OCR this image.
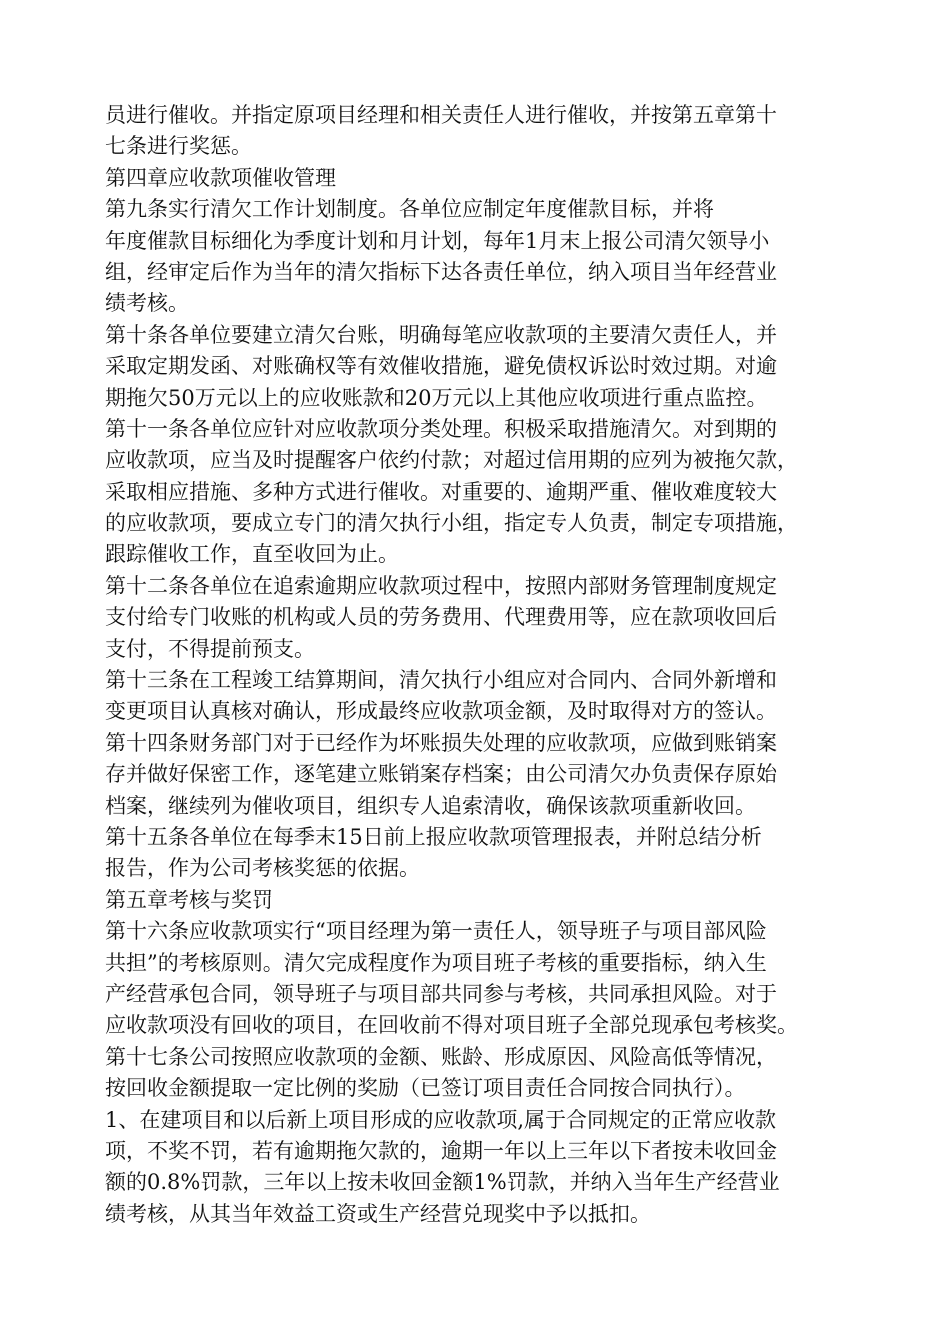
员进行催收。并指定原项目经理和相关责任人进行催收，并按第五章第十
七条进行奖惩。
第四章应收款项催收管理
第九条实行清欠工作计划制度。各单位应制定年度催款目标，并将
年度催款目标细化为季度计划和月计划，每年1月末上报公司清欠领导小
组，经审定后作为当年的清欠指标下达各责任单位，纳入项目当年经营业
绩考核。
第十条各单位要建立清欠台账，明确每笔应收款项的主要清欠责任人，并
采取定期发函、对账确权等有效催收措施，避免债权诉讼时效过期。对逾
期拖欠50万元以上的应收账款和20万元以上其他应收项进行重点监控。
第十一条各单位应针对应收款项分类处理。积极采取措施清欠。对到期的
应收款项，应当及时提醒客户依约付款；对超过信用期的应列为被拖欠款，
采取相应措施、多种方式进行催收。对重要的、逾期严重、催收难度较大
的应收款项，要成立专门的清欠执行小组，指定专人负责，制定专项措施，
跟踪催收工作，直至收回为止。
第十二条各单位在追索逾期应收款项过程中，按照内部财务管理制度规定
支付给专门收账的机构或人员的劳务费用、代理费用等，应在款项收回后
支付，不得提前预支。
第十三条在工程竣工结算期间，清欠执行小组应对合同内、合同外新增和
变更项目认真核对确认，形成最终应收款项金额，及时取得对方的签认。
第十四条财务部门对于已经作为坏账损失处理的应收款项，应做到账销案
存并做好保密工作，逐笔建立账销案存档案；由公司清欠办负责保存原始
档案，继续列为催收项目，组织专人追索清收，确保该款项重新收回。
第十五条各单位在每季末15日前上报应收款项管理报表，并附总结分析
报告，作为公司考核奖惩的依据。
第五章考核与奖罚
第十六条应收款项实行“项目经理为第一责任人，领导班子与项目部风险
共担”的考核原则。清欠完成程度作为项目班子考核的重要指标，纳入生
产经营承包合同，领导班子与项目部共同参与考核，共同承担风险。对于
应收款项没有回收的项目，在回收前不得对项目班子全部兑现承包考核奖。
第十七条公司按照应收款项的金额、账龄、形成原因、风险高低等情况，
按回收金额提取一定比例的奖励（已签订项目责任合同按合同执行）。
1、在建项目和以后新上项目形成的应收款项,属于合同规定的正常应收款
项，不奖不罚，若有逾期拖欠款的，逾期一年以上三年以下者按未收回金
额的0.8%罚款，三年以上按未收回金额1%罚款，并纳入当年生产经营业
绩考核，从其当年效益工资或生产经营兑现奖中予以抵扣。
